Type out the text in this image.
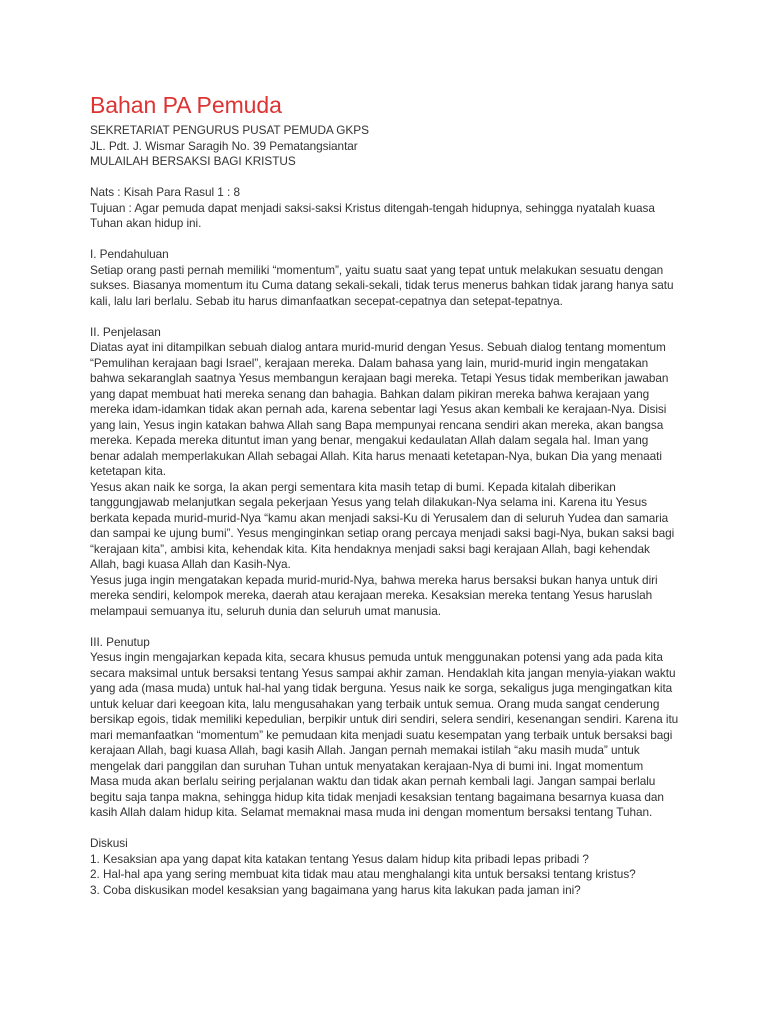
Bahan PA Pemuda

SEKRETARIAT PENGURUS PUSAT PEMUDA GKPS

JL. Pdt. J. Wismar Saragih No. 39 Pematangsiantar

MULAILAH BERSAKSI BAGI KRISTUS

Nats : Kisah Para Rasul 1 : 8

Tujuan : Agar pemuda dapat menjadi saksi-saksi Kristus ditengah-tengah hidupnya, sehingga nyatalah kuasa Tuhan akan hidup ini.

I. Pendahuluan

Setiap orang pasti pernah memiliki “momentum”, yaitu suatu saat yang tepat untuk melakukan sesuatu dengan sukses. Biasanya momentum itu Cuma datang sekali-sekali, tidak terus menerus bahkan tidak jarang hanya satu kali, lalu lari berlalu. Sebab itu harus dimanfaatkan secepat-cepatnya dan setepat-tepatnya.

II. Penjelasan

Diatas ayat ini ditampilkan sebuah dialog antara murid-murid dengan Yesus. Sebuah dialog tentang momentum “Pemulihan kerajaan bagi Israel”, kerajaan mereka. Dalam bahasa yang lain, murid-murid ingin mengatakan bahwa sekaranglah saatnya Yesus membangun kerajaan bagi mereka. Tetapi Yesus tidak memberikan jawaban yang dapat membuat hati mereka senang dan bahagia. Bahkan dalam pikiran mereka bahwa kerajaan yang mereka idam-idamkan tidak akan pernah ada, karena sebentar lagi Yesus akan kembali ke kerajaan-Nya. Disisi yang lain, Yesus ingin katakan bahwa Allah sang Bapa mempunyai rencana sendiri akan mereka, akan bangsa mereka. Kepada mereka dituntut iman yang benar, mengakui kedaulatan Allah dalam segala hal. Iman yang benar adalah memperlakukan Allah sebagai Allah. Kita harus menaati ketetapan-Nya, bukan Dia yang menaati ketetapan kita.

Yesus akan naik ke sorga, Ia akan pergi sementara kita masih tetap di bumi. Kepada kitalah diberikan tanggungjawab melanjutkan segala pekerjaan Yesus yang telah dilakukan-Nya selama ini. Karena itu Yesus berkata kepada murid-murid-Nya “kamu akan menjadi saksi-Ku di Yerusalem dan di seluruh Yudea dan samaria dan sampai ke ujung bumi”. Yesus menginginkan setiap orang percaya menjadi saksi bagi-Nya, bukan saksi bagi “kerajaan kita”, ambisi kita, kehendak kita. Kita hendaknya menjadi saksi bagi kerajaan Allah, bagi kehendak Allah, bagi kuasa Allah dan Kasih-Nya.

Yesus juga ingin mengatakan kepada murid-murid-Nya, bahwa mereka harus bersaksi bukan hanya untuk diri mereka sendiri, kelompok mereka, daerah atau kerajaan mereka. Kesaksian mereka tentang Yesus haruslah melampaui semuanya itu, seluruh dunia dan seluruh umat manusia.

III. Penutup

Yesus ingin mengajarkan kepada kita, secara khusus pemuda untuk menggunakan potensi yang ada pada kita secara maksimal untuk bersaksi tentang Yesus sampai akhir zaman. Hendaklah kita jangan menyia-yiakan waktu yang ada (masa muda) untuk hal-hal yang tidak berguna. Yesus naik ke sorga, sekaligus juga mengingatkan kita untuk keluar dari keegoan kita, lalu mengusahakan yang terbaik untuk semua. Orang muda sangat cenderung bersikap egois, tidak memiliki kepedulian, berpikir untuk diri sendiri, selera sendiri, kesenangan sendiri. Karena itu mari memanfaatkan “momentum” ke pemudaan kita menjadi suatu kesempatan yang terbaik untuk bersaksi bagi kerajaan Allah, bagi kuasa Allah, bagi kasih Allah. Jangan pernah memakai istilah “aku masih muda” untuk mengelak dari panggilan dan suruhan Tuhan untuk menyatakan kerajaan-Nya di bumi ini. Ingat momentum

Masa muda akan berlalu seiring perjalanan waktu dan tidak akan pernah kembali lagi. Jangan sampai berlalu begitu saja tanpa makna, sehingga hidup kita tidak menjadi kesaksian tentang bagaimana besarnya kuasa dan kasih Allah dalam hidup kita. Selamat memaknai masa muda ini dengan momentum bersaksi tentang Tuhan.

Diskusi

1. Kesaksian apa yang dapat kita katakan tentang Yesus dalam hidup kita pribadi lepas pribadi ?

2. Hal-hal apa yang sering membuat kita tidak mau atau menghalangi kita untuk bersaksi tentang kristus?

3. Coba diskusikan model kesaksian yang bagaimana yang harus kita lakukan pada jaman ini?
